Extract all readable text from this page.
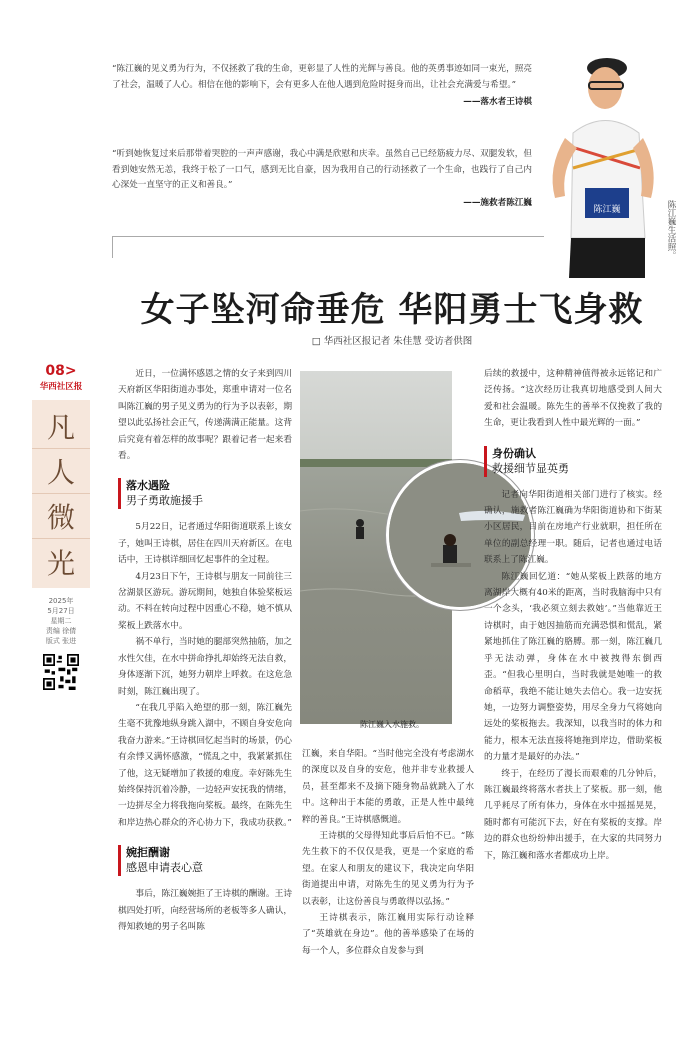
“陈江巍的见义勇为行为，不仅拯救了我的生命，更彰显了人性的光辉与善良。他的英勇事迹如同一束光，照亮了社会，温暖了人心。相信在他的影响下，会有更多人在他人遇到危险时挺身而出，让社会充满爱与希望。”
——落水者王诗棋
“听到她恢复过来后那带着哭腔的一声声感谢，我心中满是欣慰和庆幸。虽然自己已经筋疲力尽、双腿发软，但看到她安然无恙，我终于松了一口气，感到无比自豪，因为我用自己的行动拯救了一个生命，也践行了自己内心深处一直坚守的正义和善良。”
——施救者陈江巍
陈江巍	陈江巍生活照。
女子坠河命垂危 华阳勇士飞身救
□ 华西社区报记者 朱佳慧 受访者供图
08>
华西社区报
凡
人
微
光
2025年
5月27日
星期二
责编 徐倩
版式 张进

近日，一位满怀感恩之情的女子来到四川天府新区华阳街道办事处，郑重申请对一位名叫陈江巍的男子见义勇为的行为予以表彰，期望以此弘扬社会正气，传递满满正能量。这背后究竟有着怎样的故事呢？跟着记者一起来看看。

落水遇险
男子勇敢施援手

5月22日，记者通过华阳街道联系上该女子，她叫王诗棋，居住在四川天府新区。在电话中，王诗棋详细回忆起事件的全过程。

4月23日下午，王诗棋与朋友一同前往三岔湖景区游玩。游玩期间，她独自体验桨板运动。不料在转向过程中因重心不稳，她不慎从桨板上跌落水中。

祸不单行，当时她的腿部突然抽筋，加之水性欠佳，在水中拼命挣扎却始终无法自救，身体逐渐下沉，她努力朝岸上呼救。在这危急时刻，陈江巍出现了。

“在我几乎陷入绝望的那一刻，陈江巍先生毫不犹豫地纵身跳入湖中，不顾自身安危向我奋力游来。”王诗棋回忆起当时的场景，仍心有余悸又满怀感激，“慌乱之中，我紧紧抓住了他，这无疑增加了救援的难度。幸好陈先生始终保持沉着冷静，一边轻声安抚我的情绪，一边拼尽全力将我拖向桨板。最终，在陈先生和岸边热心群众的齐心协力下，我成功获救。”

婉拒酬谢
感恩申请表心意

事后，陈江巍婉拒了王诗棋的酬谢。王诗棋四处打听，向经营场所的老板等多人确认，得知救她的男子名叫陈

陈江巍入水施救。

江巍，来自华阳。“当时他完全没有考虑湖水的深度以及自身的安危，他并非专业救援人员，甚至都来不及摘下随身物品就跳入了水中。这种出于本能的勇敢，正是人性中最纯粹的善良。”王诗棋感慨道。

王诗棋的父母得知此事后后怕不已。“陈先生救下的不仅仅是我，更是一个家庭的希望。在家人和朋友的建议下，我决定向华阳街道提出申请，对陈先生的见义勇为行为予以表彰，让这份善良与勇敢得以弘扬。”

王诗棋表示，陈江巍用实际行动诠释了“英雄就在身边”。他的善举感染了在场的每一个人，多位群众自发参与到

后续的救援中，这种精神值得被永远铭记和广泛传扬。“这次经历让我真切地感受到人间大爱和社会温暖。陈先生的善举不仅挽救了我的生命，更让我看到人性中最光辉的一面。”

身份确认
救援细节显英勇

记者向华阳街道相关部门进行了核实。经确认，施救者陈江巍确为华阳街道协和下街某小区居民，目前在房地产行业就职，担任所在单位的副总经理一职。随后，记者也通过电话联系上了陈江巍。

陈江巍回忆道：“她从桨板上跌落的地方离湖岸大概有40米的距离，当时我脑海中只有一个念头，‘我必须立刻去救她’。”当他靠近王诗棋时，由于她因抽筋而充满恐惧和慌乱，紧紧地抓住了陈江巍的胳膊。那一刻，陈江巍几乎无法动弹，身体在水中被拽得东倒西歪。“但我心里明白，当时我就是她唯一的救命稻草，我绝不能让她失去信心。我一边安抚她，一边努力调整姿势，用尽全身力气将她向远处的桨板拖去。我深知，以我当时的体力和能力，根本无法直接将她拖到岸边，借助桨板的力量才是最好的办法。”

终于，在经历了漫长而艰难的几分钟后，陈江巍最终将落水者扶上了桨板。那一刻，他几乎耗尽了所有体力，身体在水中摇摇晃晃，随时都有可能沉下去，好在有桨板的支撑。岸边的群众也纷纷伸出援手，在大家的共同努力下，陈江巍和落水者都成功上岸。
